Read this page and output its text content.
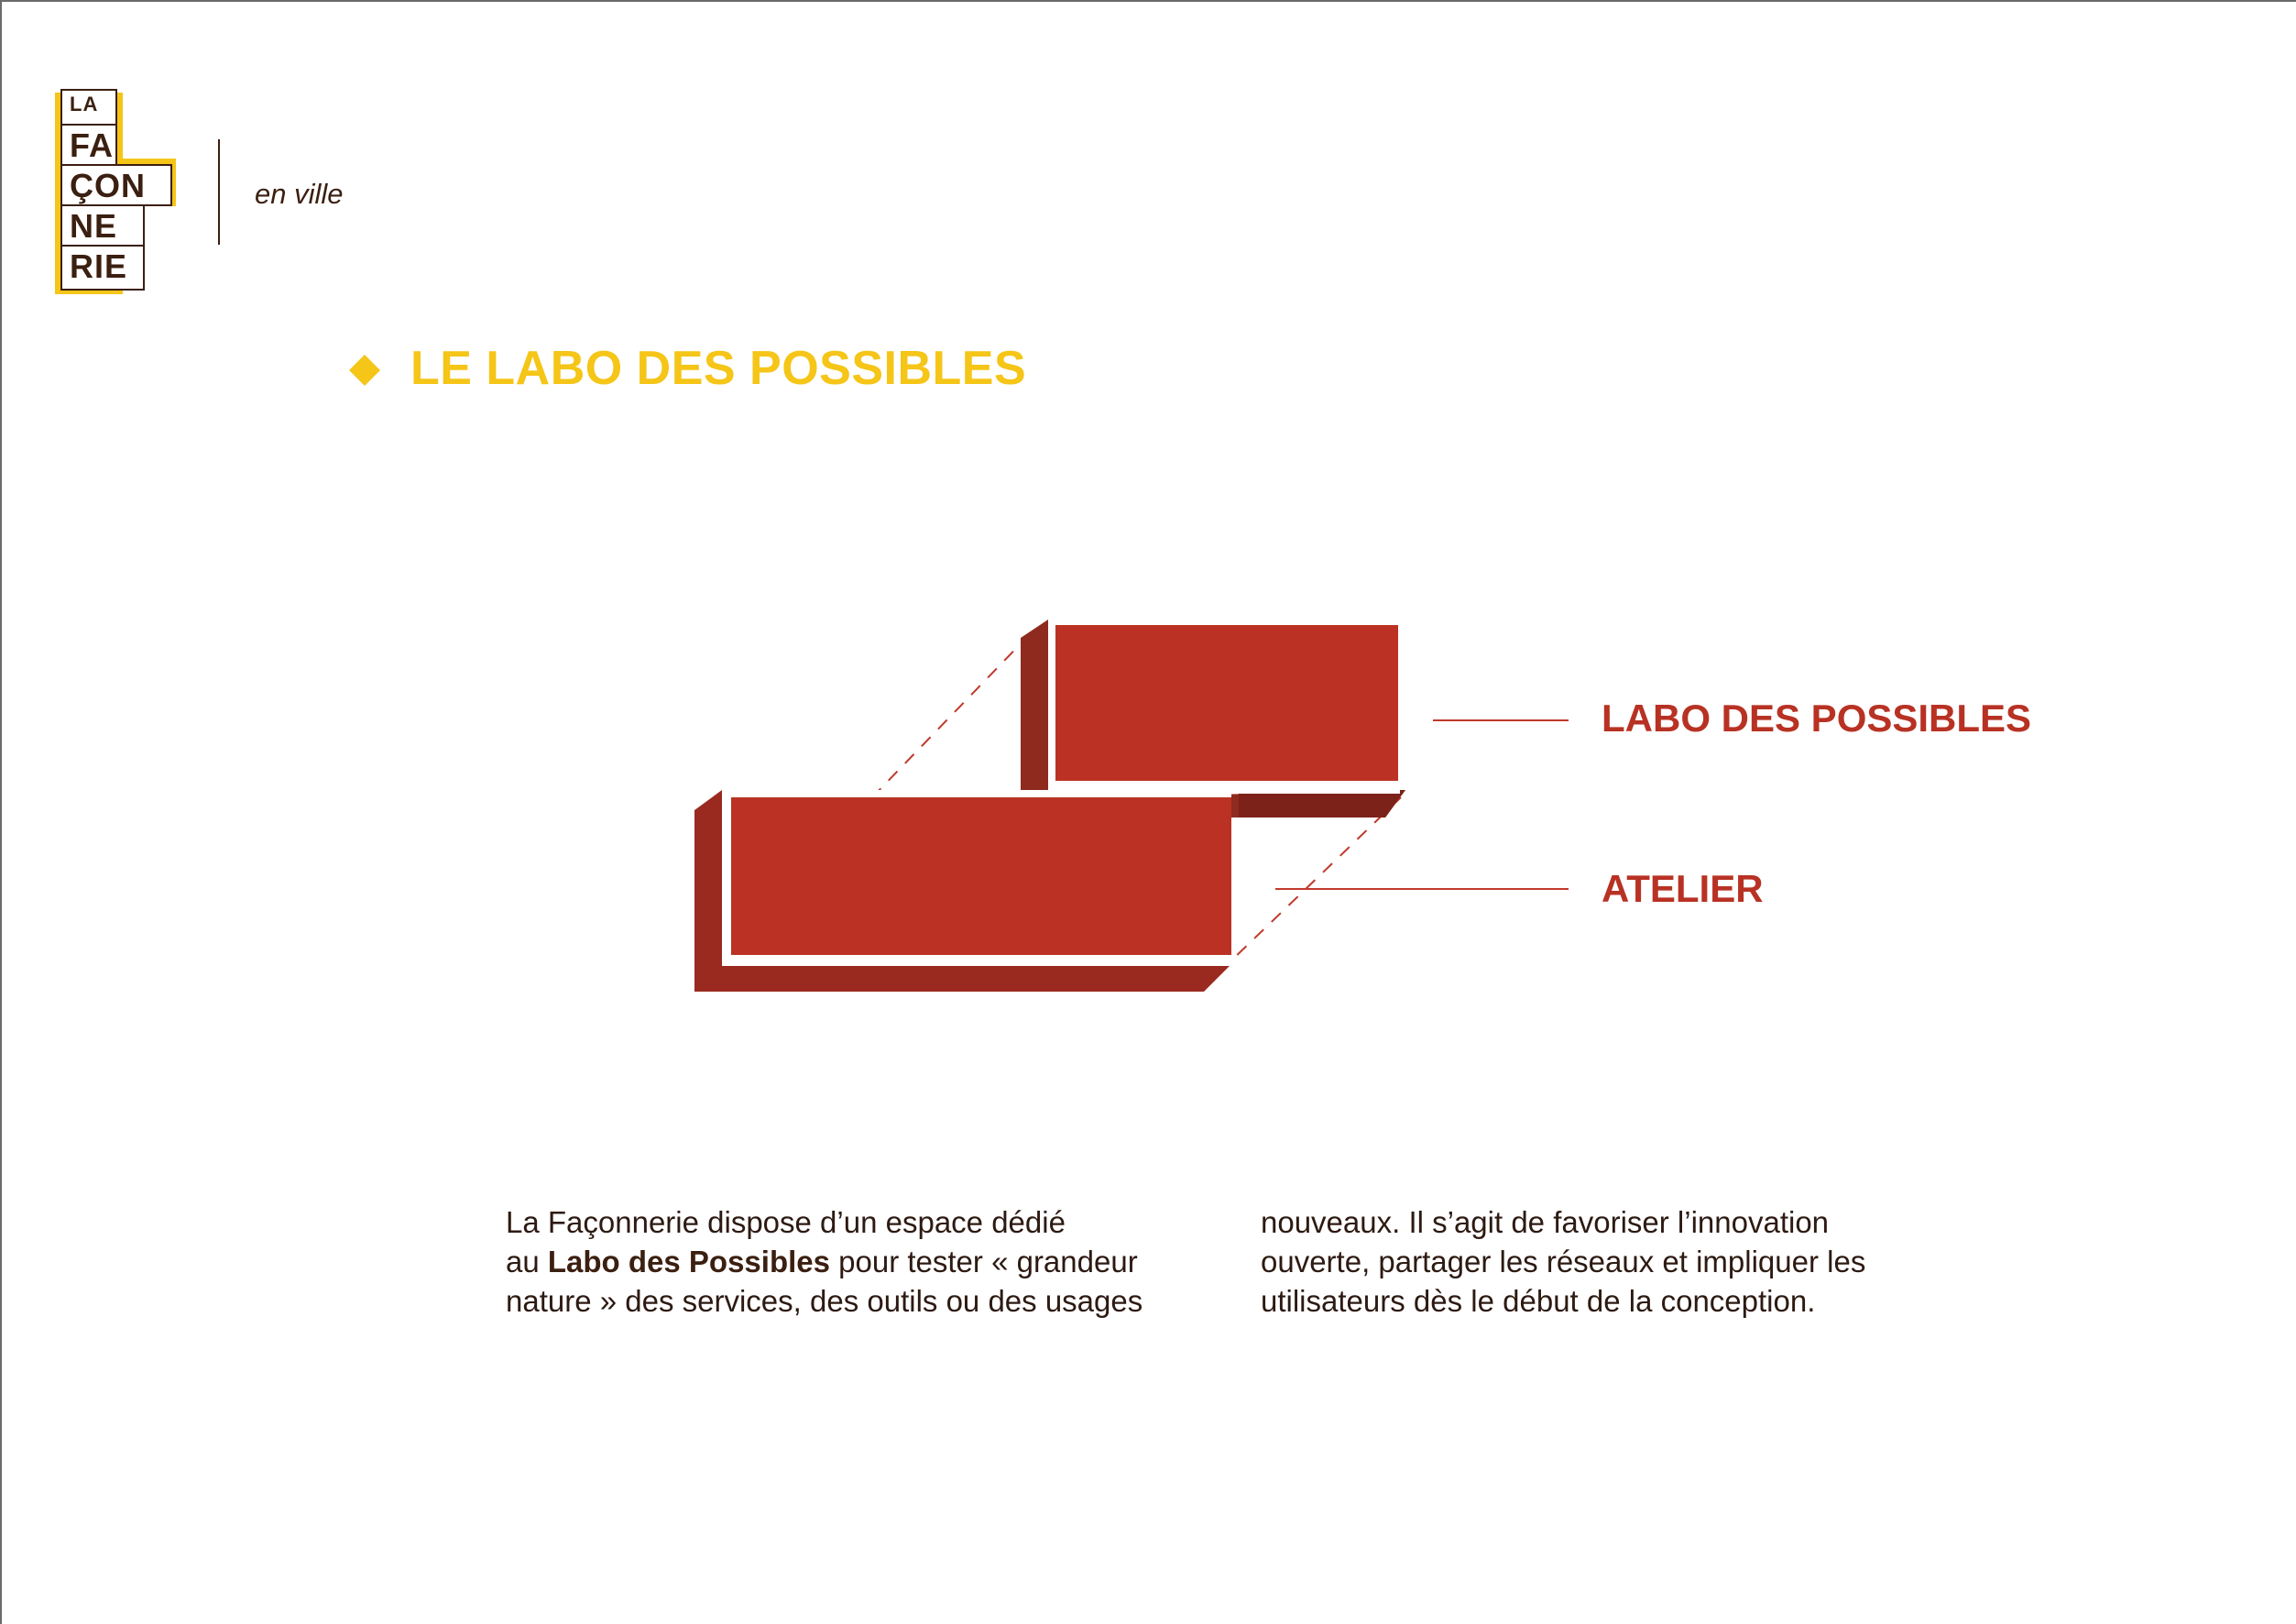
LA
FA
ÇON
NE
RIE
en ville
LE LABO DES POSSIBLES
LABO DES POSSIBLES
ATELIER
La Façonnerie dispose d’un espace dédié
au Labo des Possibles pour tester « grandeur
nature » des services, des outils ou des usages
nouveaux. Il s’agit de favoriser l’innovation
ouverte, partager les réseaux et impliquer les
utilisateurs dès le début de la conception.
